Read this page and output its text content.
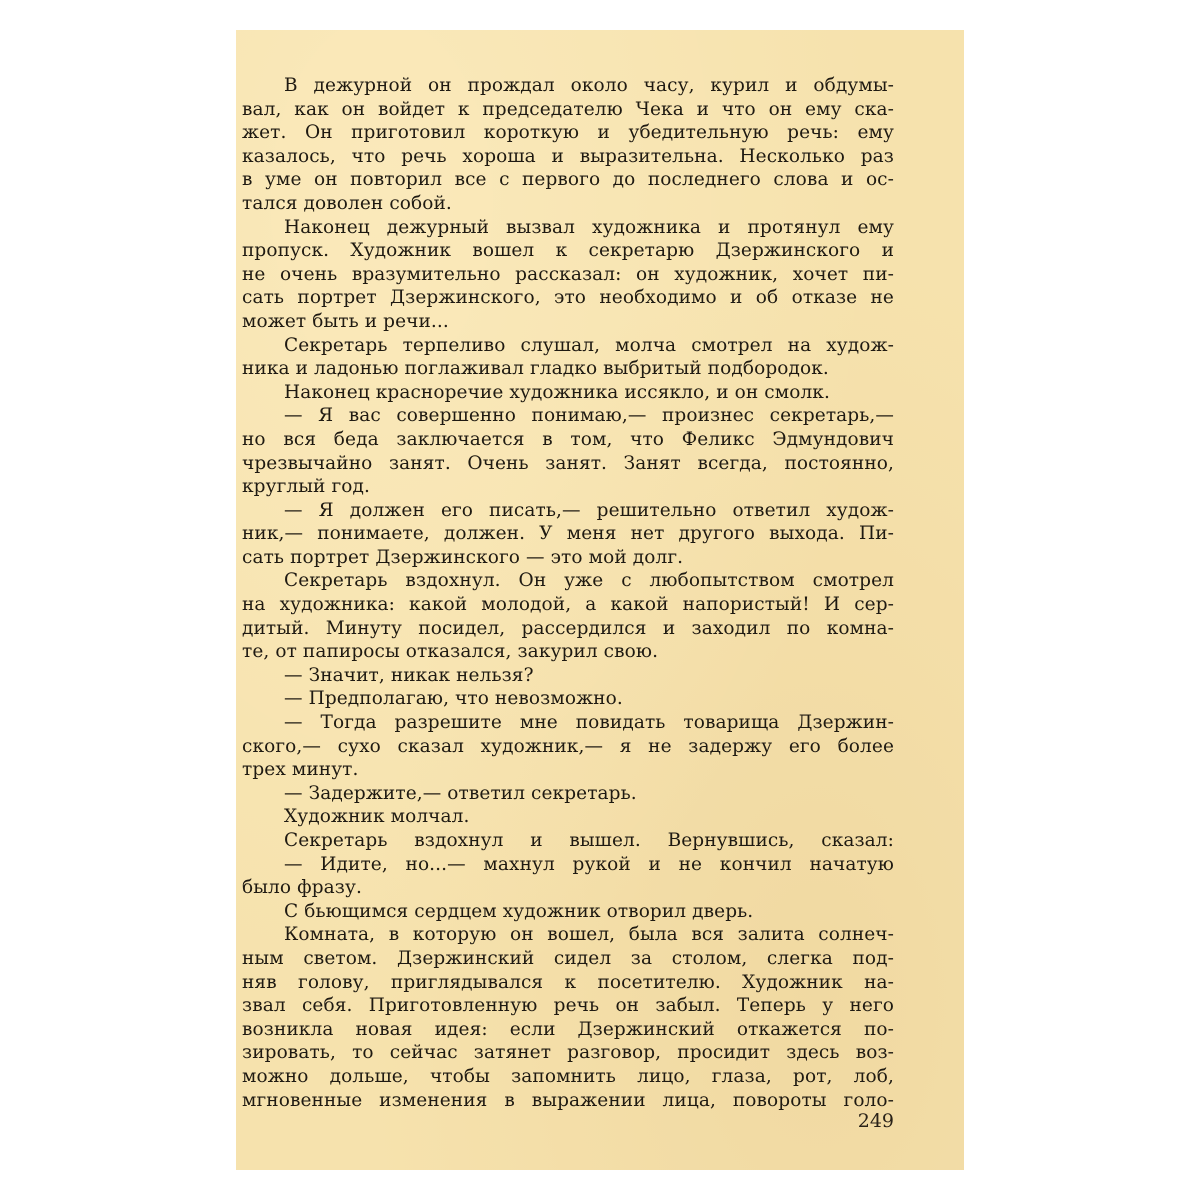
В дежурной он прождал около часу, курил и обдумы-
вал, как он войдет к председателю Чека и что он ему ска-
жет. Он приготовил короткую и убедительную речь: ему
казалось, что речь хороша и выразительна. Несколько раз
в уме он повторил все с первого до последнего слова и ос-
тался доволен собой.
Наконец дежурный вызвал художника и протянул ему
пропуск. Художник вошел к секретарю Дзержинского и
не очень вразумительно рассказал: он художник, хочет пи-
сать портрет Дзержинского, это необходимо и об отказе не
может быть и речи...
Секретарь терпеливо слушал, молча смотрел на худож-
ника и ладонью поглаживал гладко выбритый подбородок.
Наконец красноречие художника иссякло, и он смолк.
— Я вас совершенно понимаю,— произнес секретарь,—
но вся беда заключается в том, что Феликс Эдмундович
чрезвычайно занят. Очень занят. Занят всегда, постоянно,
круглый год.
— Я должен его писать,— решительно ответил худож-
ник,— понимаете, должен. У меня нет другого выхода. Пи-
сать портрет Дзержинского — это мой долг.
Секретарь вздохнул. Он уже с любопытством смотрел
на художника: какой молодой, а какой напористый! И сер-
дитый. Минуту посидел, рассердился и заходил по комна-
те, от папиросы отказался, закурил свою.
— Значит, никак нельзя?
— Предполагаю, что невозможно.
— Тогда разрешите мне повидать товарища Дзержин-
ского,— сухо сказал художник,— я не задержу его более
трех минут.
— Задержите,— ответил секретарь.
Художник молчал.
Секретарь вздохнул и вышел. Вернувшись, сказал:
— Идите, но...— махнул рукой и не кончил начатую
было фразу.
С бьющимся сердцем художник отворил дверь.
Комната, в которую он вошел, была вся залита солнеч-
ным светом. Дзержинский сидел за столом, слегка под-
няв голову, приглядывался к посетителю. Художник на-
звал себя. Приготовленную речь он забыл. Теперь у него
возникла новая идея: если Дзержинский откажется по-
зировать, то сейчас затянет разговор, просидит здесь воз-
можно дольше, чтобы запомнить лицо, глаза, рот, лоб,
мгновенные изменения в выражении лица, повороты голо-
249
